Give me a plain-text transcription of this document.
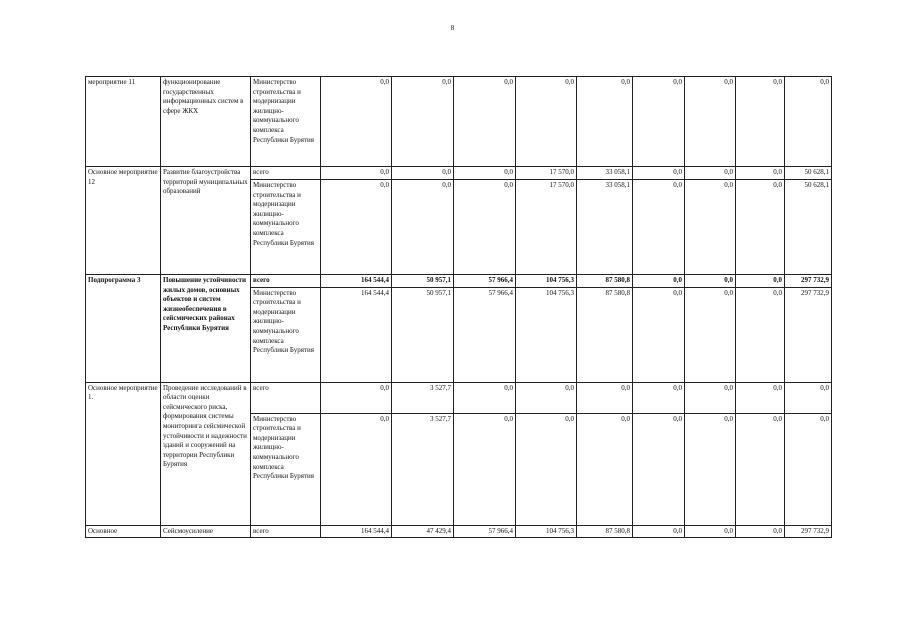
8
мероприятие 11	функционирование государственных информационных систем в сфере ЖКХ	Министерство строительства и модернизации жилищно-коммунального комплекса Республики Бурятия	0,0	0,0	0,0	0,0	0,0	0,0	0,0	0,0	0,0
Основное мероприятие 12	Развитие благоустройства территорий муниципальных образований	всего	0,0	0,0	0,0	17 570,0	33 058,1	0,0	0,0	0,0	50 628,1
		Министерство строительства и модернизации жилищно-коммунального комплекса Республики Бурятия	0,0	0,0	0,0	17 570,0	33 058,1	0,0	0,0	0,0	50 628,1
Подпрограмма 3	Повышение устойчивости жилых домов, основных объектов и систем жизнеобеспечения в сейсмических районах Республики Бурятия	всего	164 544,4	50 957,1	57 966,4	104 756,3	87 580,8	0,0	0,0	0,0	297 732,9
		Министерство строительства и модернизации жилищно-коммунального комплекса Республики Бурятия	164 544,4	50 957,1	57 966,4	104 756,3	87 580,8	0,0	0,0	0,0	297 732,9
Основное мероприятие 1.	Проведение исследований в области оценки сейсмического риска, формирования системы мониторинга сейсмической устойчивости и надежности зданий и сооружений на территории Республики Бурятия	всего	0,0	3 527,7	0,0	0,0	0,0	0,0	0,0	0,0	0,0
		Министерство строительства и модернизации жилищно-коммунального комплекса Республики Бурятия	0,0	3 527,7	0,0	0,0	0,0	0,0	0,0	0,0	0,0
Основное	Сейсмоусиление	всего	164 544,4	47 429,4	57 966,4	104 756,3	87 580,8	0,0	0,0	0,0	297 732,9
